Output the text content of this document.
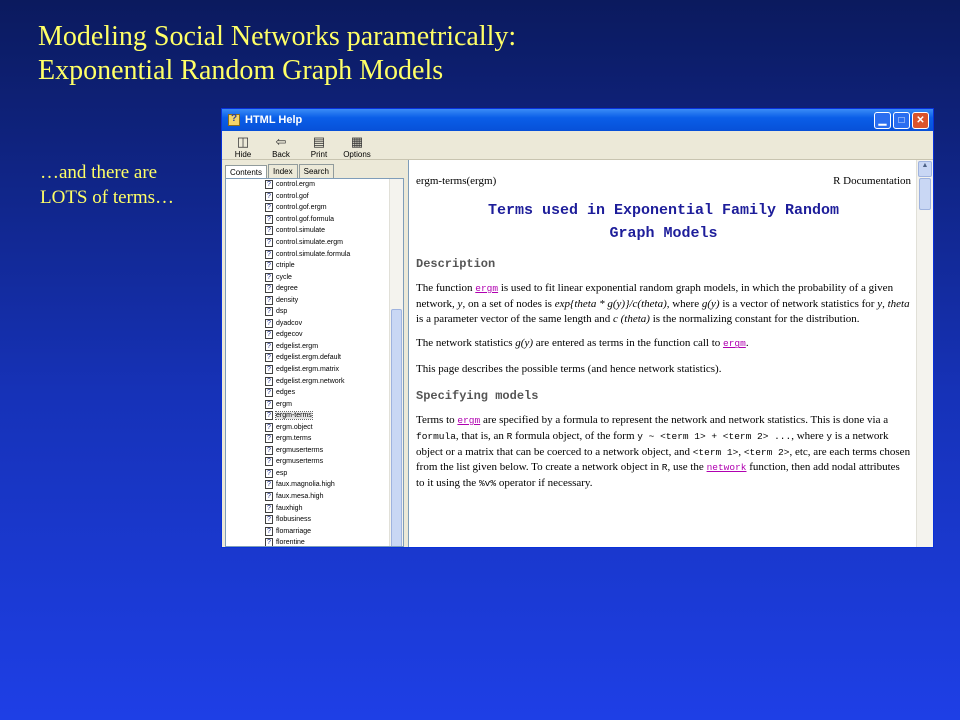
Modeling Social Networks parametrically:
Exponential Random Graph Models
…and there are
LOTS of terms…
?
HTML Help	▁	□	✕
◫
Hide
⇦
Back
▤
Print
▦
Options
Contents	Index	Search
? control.ergm
? control.gof
? control.gof.ergm
? control.gof.formula
? control.simulate
? control.simulate.ergm
? control.simulate.formula
? ctriple
? cycle
? degree
? density
? dsp
? dyadcov
? edgecov
? edgelist.ergm
? edgelist.ergm.default
? edgelist.ergm.matrix
? edgelist.ergm.network
? edges
? ergm
? ergm-terms
? ergm.object
? ergm.terms
? ergmuserterms
? ergmuserterms
? esp
? faux.magnolia.high
? faux.mesa.high
? fauxhigh
? flobusiness
? flomarriage
? florentine
ergm-terms(ergm)	R Documentation
Terms used in Exponential Family Random
Graph Models
Description

The function ergm is used to fit linear exponential random graph models, in which the probability of a given network, y, on a set of nodes is exp{theta * g(y)}/c(theta), where g(y) is a vector of network statistics for y, theta is a parameter vector of the same length and c (theta) is the normalizing constant for the distribution.

The network statistics g(y) are entered as terms in the function call to ergm.

This page describes the possible terms (and hence network statistics).

Specifying models

Terms to ergm are specified by a formula to represent the network and network statistics. This is done via a formula, that is, an R formula object, of the form y ~ <term 1> + <term 2> ..., where y is a network object or a matrix that can be coerced to a network object, and <term 1>, <term 2>, etc, are each terms chosen from the list given below. To create a network object in R, use the network function, then add nodal attributes to it using the %v% operator if necessary.

▲
